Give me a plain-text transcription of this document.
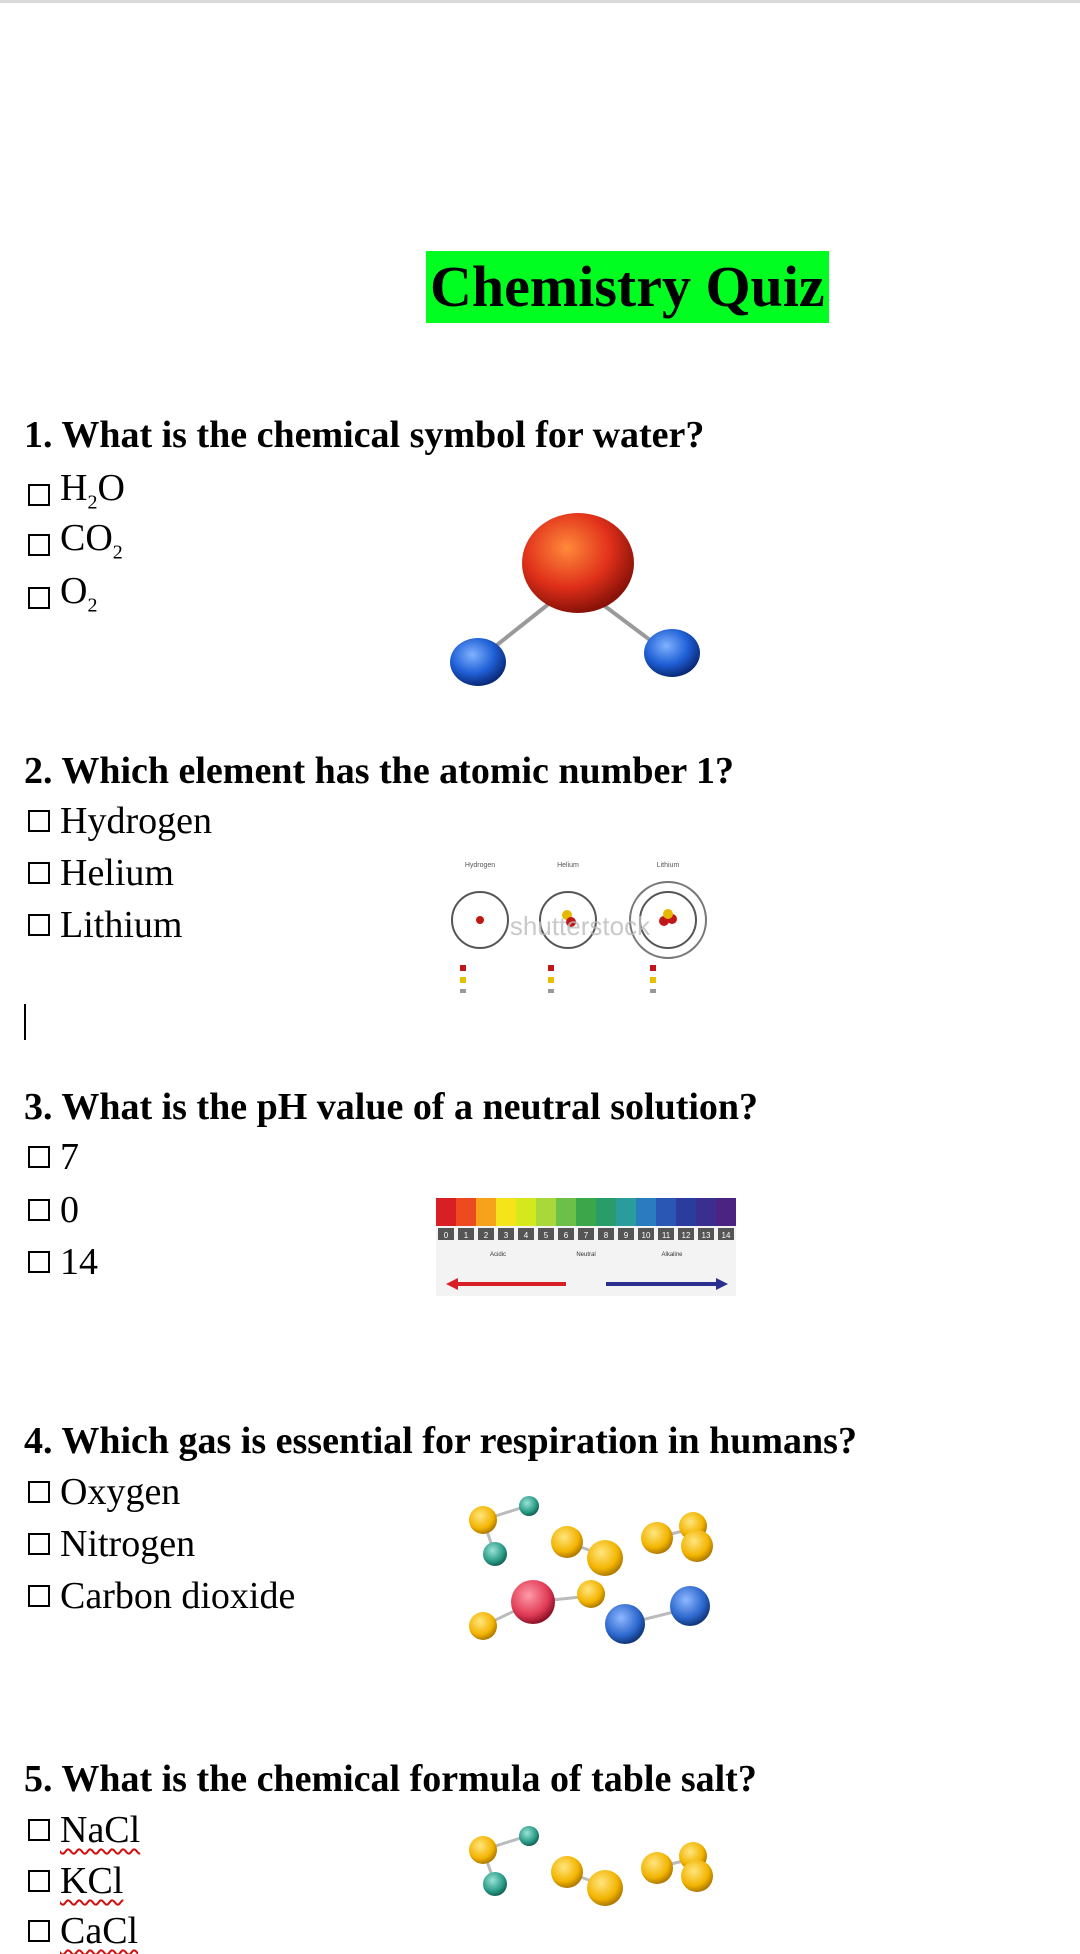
Chemistry Quiz
1. What is the chemical symbol for water?
$H_2O$
$CO_2$
$O_2$
2. Which element has the atomic number 1?
Hydrogen
Helium
Lithium
Hydrogen	Helium	Lithium
shutterstock
3. What is the pH value of a neutral solution?
7
0
14
0 1 2 3 4 5 6 7 8 9 10 11 12 13 14
Acidic	Neutral	Alkaline
4. Which gas is essential for respiration in humans?
Oxygen
Nitrogen
Carbon dioxide
5. What is the chemical formula of table salt?
NaCl
KCl
CaCl
